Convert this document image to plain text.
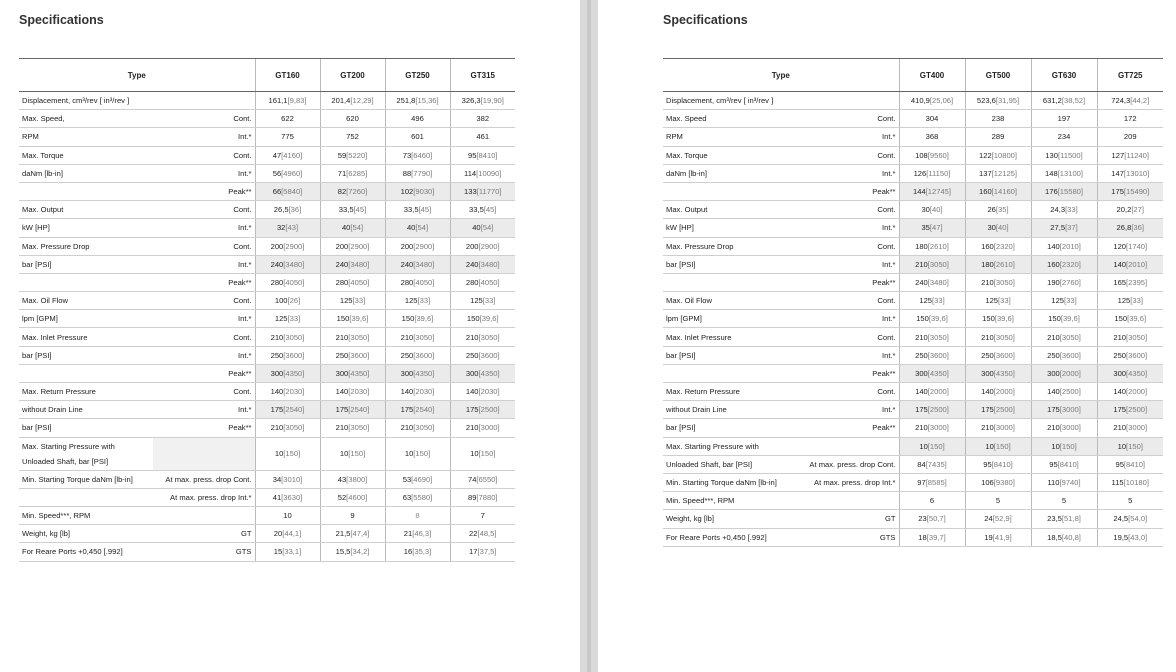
Specifications
Type		GT160	GT200	GT250	GT315
Displacement, cm³/rev [ in³/rev ]		161,1[9,83]	201,4[12,29]	251,8[15,36]	326,3[19,90]
Max. Speed,	Cont.	622	620	496	382
RPM	Int.*	775	752	601	461
Max. Torque	Cont.	47[4160]	59[5220]	73[6460]	95[8410]
daNm [lb-in]	Int.*	56[4960]	71[6285]	88[7790]	114[10090]
	Peak**	66[5840]	82[7260]	102[9030]	133[11770]
Max. Output	Cont.	26,5[36]	33,5[45]	33,5[45]	33,5[45]
kW [HP]	Int.*	32[43]	40[54]	40[54]	40[54]
Max. Pressure Drop	Cont.	200[2900]	200[2900]	200[2900]	200[2900]
bar [PSI]	Int.*	240[3480]	240[3480]	240[3480]	240[3480]
	Peak**	280[4050]	280[4050]	280[4050]	280[4050]
Max. Oil Flow	Cont.	100[26]	125[33]	125[33]	125[33]
lpm [GPM]	Int.*	125[33]	150[39,6]	150[39,6]	150[39,6]
Max. Inlet Pressure	Cont.	210[3050]	210[3050]	210[3050]	210[3050]
bar [PSI]	Int.*	250[3600]	250[3600]	250[3600]	250[3600]
	Peak**	300[4350]	300[4350]	300[4350]	300[4350]
Max. Return Pressure	Cont.	140[2030]	140[2030]	140[2030]	140[2030]
without Drain Line	Int.*	175[2540]	175[2540]	175[2540]	175[2500]
bar [PSI]	Peak**	210[3050]	210[3050]	210[3050]	210[3000]
Max. Starting Pressure with
Unloaded Shaft, bar [PSI]		10[150]	10[150]	10[150]	10[150]
Min. Starting Torque daNm [lb-in]	At max. press. drop Cont.	34[3010]	43[3800]	53[4690]	74[6550]
	At max. press. drop Int.*	41[3630]	52[4600]	63[5580]	89[7880]
Min. Speed***, RPM		10	9	8	7
Weight, kg [lb]	GT	20[44,1]	21,5[47,4]	21[46,3]	22[48,5]
For Reare Ports +0,450 [.992]	GTS	15[33,1]	15,5[34,2]	16[35,3]	17[37,5]
Specifications
Type		GT400	GT500	GT630	GT725
Displacement, cm³/rev [ in³/rev ]		410,9[25,06]	523,6[31,95]	631,2[38,52]	724,3[44,2]
Max. Speed	Cont.	304	238	197	172
RPM	Int.*	368	289	234	209
Max. Torque	Cont.	108[9560]	122[10800]	130[11500]	127[11240]
daNm [lb-in]	Int.*	126[11150]	137[12125]	148[13100]	147[13010]
	Peak**	144[12745]	160[14160]	176[15580]	175[15490]
Max. Output	Cont.	30[40]	26[35]	24,3[33]	20,2[27]
kW [HP]	Int.*	35[47]	30[40]	27,5[37]	26,8[36]
Max. Pressure Drop	Cont.	180[2610]	160[2320]	140[2010]	120[1740]
bar [PSI]	Int.*	210[3050]	180[2610]	160[2320]	140[2010]
	Peak**	240[3480]	210[3050]	190[2760]	165[2395]
Max. Oil Flow	Cont.	125[33]	125[33]	125[33]	125[33]
lpm [GPM]	Int.*	150[39,6]	150[39,6]	150[39,6]	150[39,6]
Max. Inlet Pressure	Cont.	210[3050]	210[3050]	210[3050]	210[3050]
bar [PSI]	Int.*	250[3600]	250[3600]	250[3600]	250[3600]
	Peak**	300[4350]	300[4350]	300[2000]	300[4350]
Max. Return Pressure	Cont.	140[2000]	140[2000]	140[2500]	140[2000]
without Drain Line	Int.*	175[2500]	175[2500]	175[3000]	175[2500]
bar [PSI]	Peak**	210[3000]	210[3000]	210[3000]	210[3000]
Max. Starting Pressure with		10[150]	10[150]	10[150]	10[150]
Unloaded Shaft, bar [PSI]	At max. press. drop Cont.	84[7435]	95[8410]	95[8410]	95[8410]
Min. Starting Torque daNm [lb-in]	At max. press. drop Int.*	97[8585]	106[9380]	110[9740]	115[10180]
Min. Speed***, RPM		6	5	5	5
Weight, kg [lb]	GT	23[50,7]	24[52,9]	23,5[51,8]	24,5[54,0]
For Reare Ports +0,450 [.992]	GTS	18[39,7]	19[41,9]	18,5[40,8]	19,5[43,0]
